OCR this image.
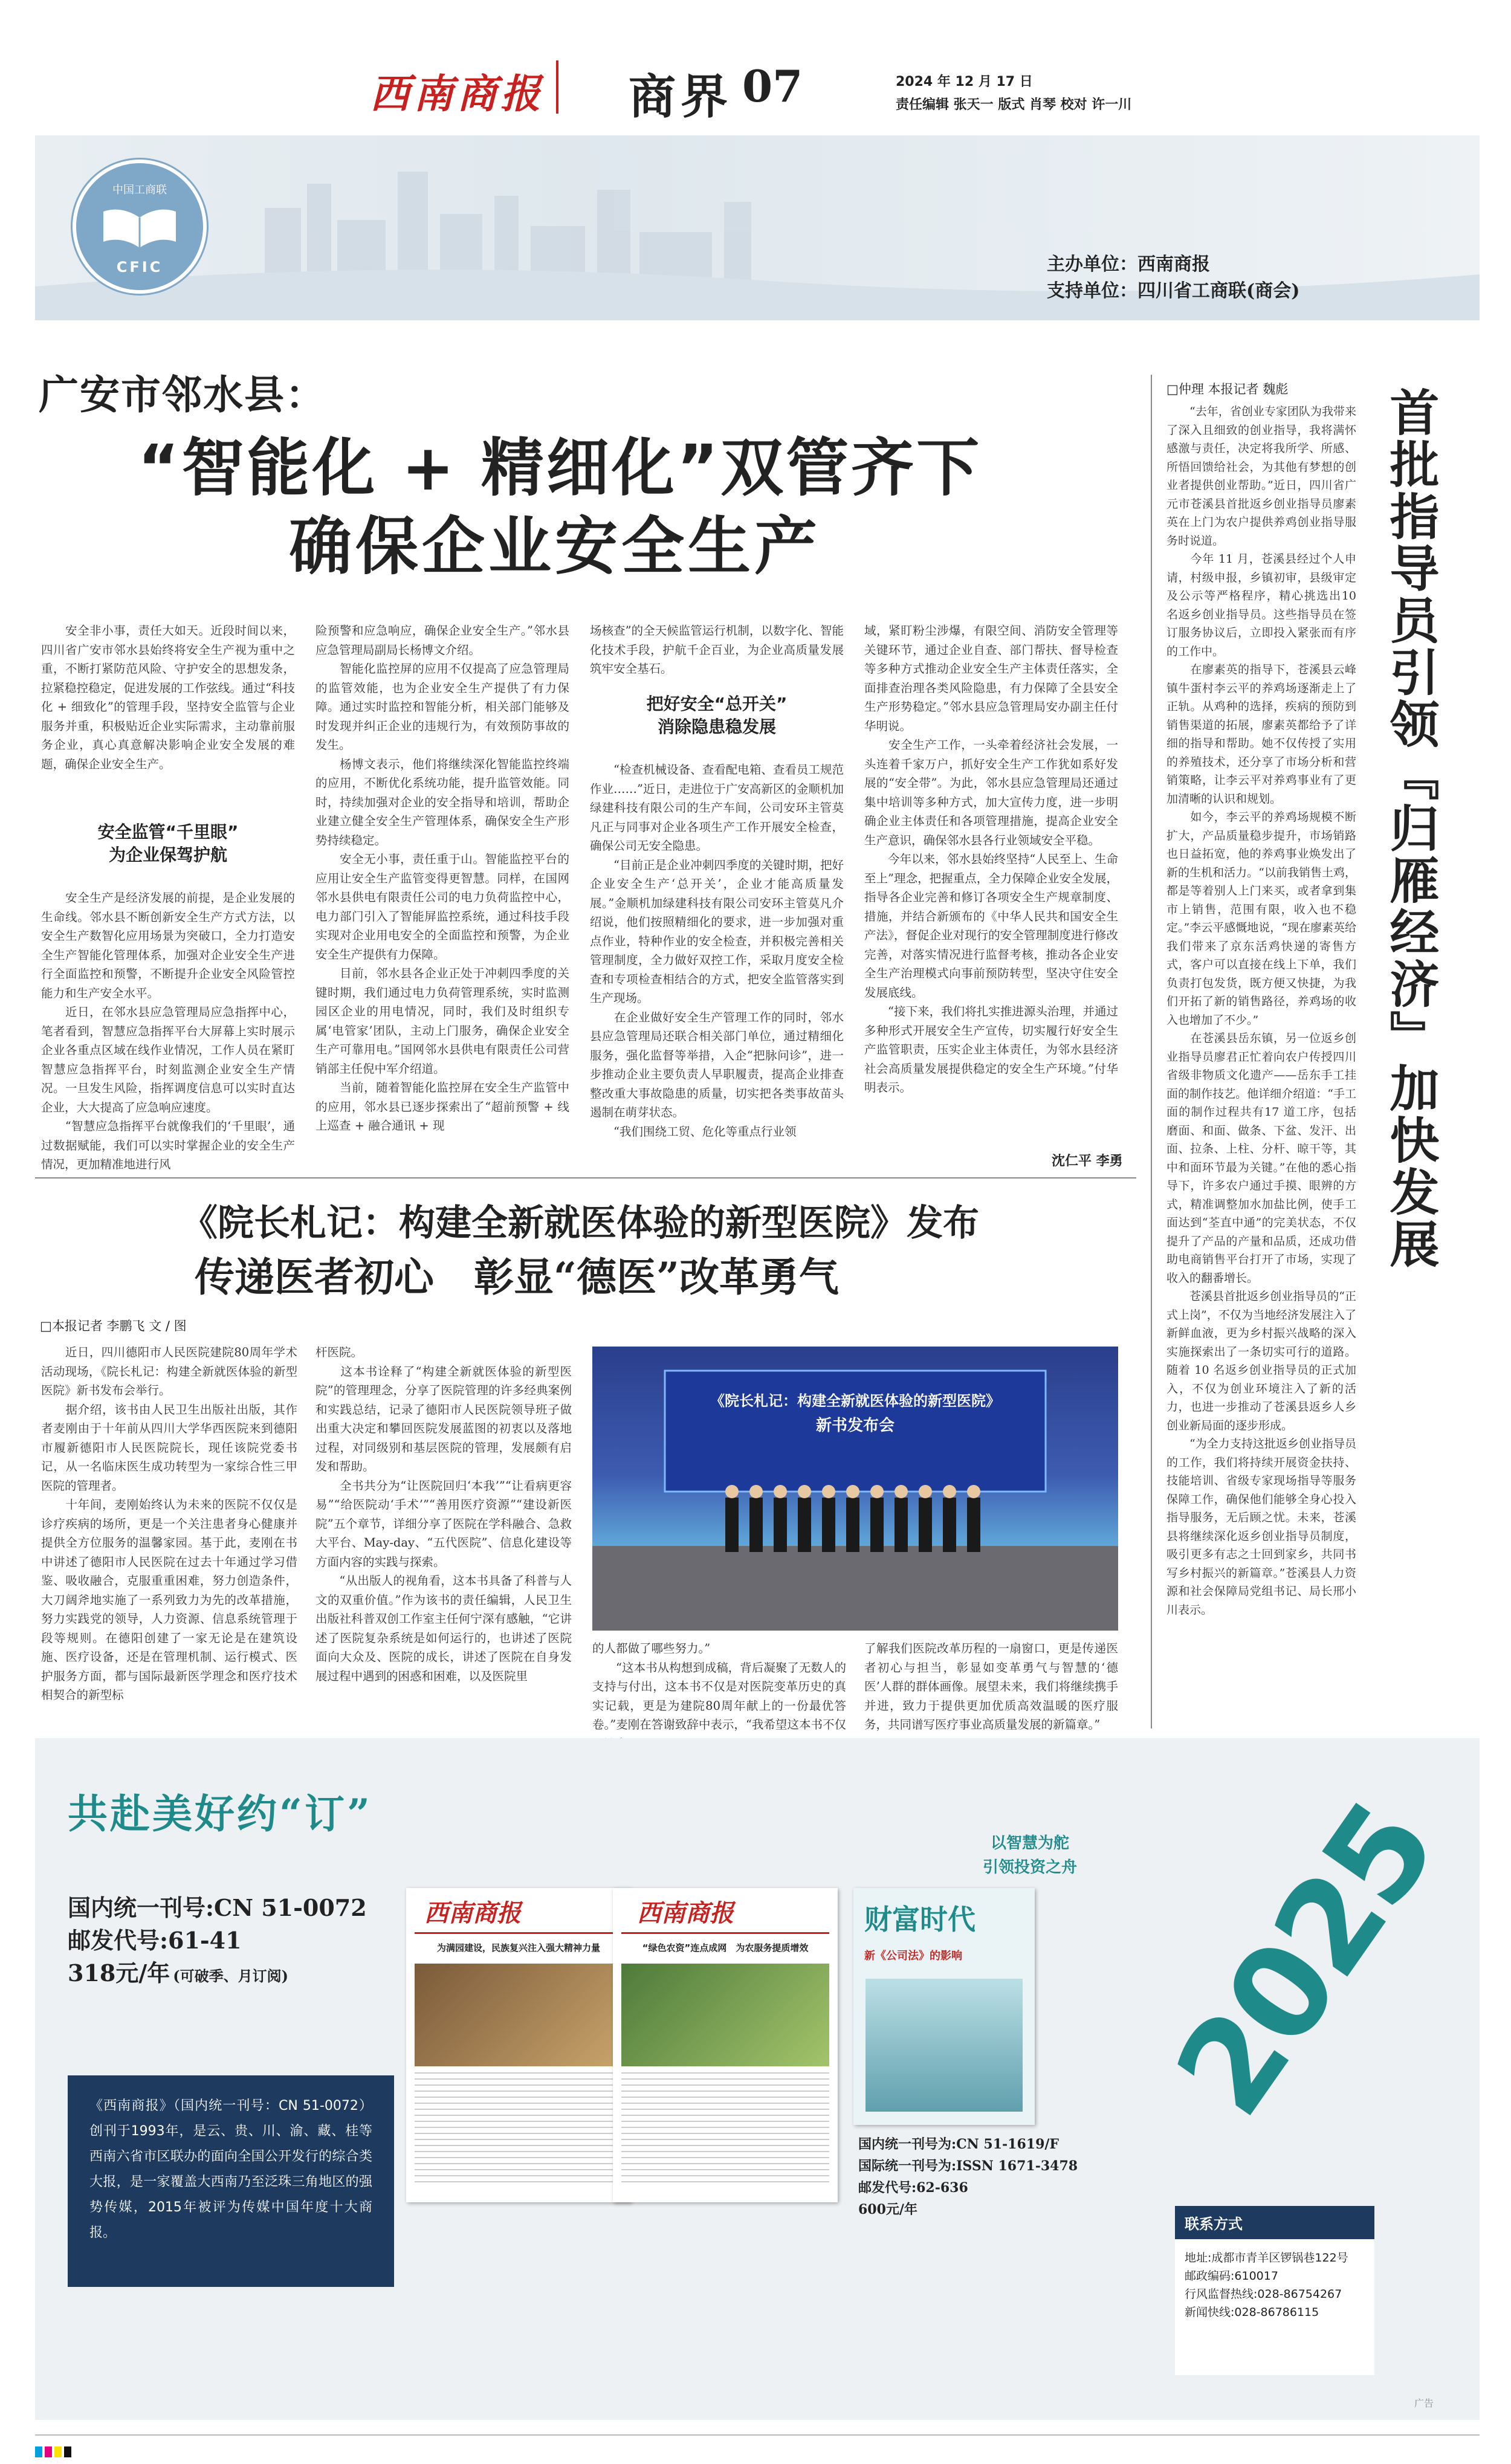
西南商报 商界 07	2024 年 12 月 17 日
责任编辑 张天一 版式 肖琴 校对 许一川
中国工商联
CFIC	主办单位：西南商报
支持单位：四川省工商联(商会)
广安市邻水县：
“智能化 + 精细化”双管齐下
确保企业安全生产
　　安全非小事，责任大如天。近段时间以来，四川省广安市邻水县始终将安全生产视为重中之重，不断打紧防范风险、守护安全的思想发条，拉紧稳控稳定，促进发展的工作弦线。通过“科技化 + 细致化”的管理手段，坚持安全监管与企业服务并重，积极贴近企业实际需求，主动靠前服务企业，真心真意解决影响企业安全发展的难题，确保企业安全生产。
安全监管“千里眼”
为企业保驾护航
　　安全生产是经济发展的前提，是企业发展的生命线。邻水县不断创新安全生产方式方法，以安全生产数智化应用场景为突破口，全力打造安全生产智能化管理体系，加强对企业安全生产进行全面监控和预警，不断提升企业安全风险管控能力和生产安全水平。
　　近日，在邻水县应急管理局应急指挥中心，笔者看到，智慧应急指挥平台大屏幕上实时展示企业各重点区域在线作业情况，工作人员在紧盯智慧应急指挥平台，时刻监测企业安全生产情况。一旦发生风险，指挥调度信息可以实时直达企业，大大提高了应急响应速度。
　　“智慧应急指挥平台就像我们的‘千里眼’，通过数据赋能，我们可以实时掌握企业的安全生产情况，更加精准地进行风
险预警和应急响应，确保企业安全生产。”邻水县应急管理局副局长杨博文介绍。
　　智能化监控屏的应用不仅提高了应急管理局的监管效能，也为企业安全生产提供了有力保障。通过实时监控和智能分析，相关部门能够及时发现并纠正企业的违规行为，有效预防事故的发生。
　　杨博文表示，他们将继续深化智能监控终端的应用，不断优化系统功能，提升监管效能。同时，持续加强对企业的安全指导和培训，帮助企业建立健全安全生产管理体系，确保安全生产形势持续稳定。
　　安全无小事，责任重于山。智能监控平台的应用让安全生产监管变得更智慧。同样，在国网邻水县供电有限责任公司的电力负荷监控中心，电力部门引入了智能屏监控系统，通过科技手段实现对企业用电安全的全面监控和预警，为企业安全生产提供有力保障。
　　目前，邻水县各企业正处于冲刺四季度的关键时期，我们通过电力负荷管理系统，实时监测园区企业的用电情况，同时，我们及时组织专属‘电管家’团队，主动上门服务，确保企业安全生产可靠用电。”国网邻水县供电有限责任公司营销部主任倪中军介绍道。
　　当前，随着智能化监控屏在安全生产监管中的应用，邻水县已逐步探索出了“超前预警 + 线上巡查 + 融合通讯 + 现
场核查”的全天候监管运行机制，以数字化、智能化技术手段，护航千企百业，为企业高质量发展筑牢安全基石。
把好安全“总开关”
消除隐患稳发展
　　“检查机械设备、查看配电箱、查看员工规范作业……”近日，走进位于广安高新区的金顺机加绿建科技有限公司的生产车间，公司安环主管莫凡正与同事对企业各项生产工作开展安全检查，确保公司无安全隐患。
　　“目前正是企业冲刺四季度的关键时期，把好企业安全生产‘总开关’，企业才能高质量发展。”金顺机加绿建科技有限公司安环主管莫凡介绍说，他们按照精细化的要求，进一步加强对重点作业，特种作业的安全检查，并积极完善相关管理制度，全力做好双控工作，采取月度安全检查和专项检查相结合的方式，把安全监管落实到生产现场。
　　在企业做好安全生产管理工作的同时，邻水县应急管理局还联合相关部门单位，通过精细化服务，强化监督等举措，入企“把脉问诊”，进一步推动企业主要负责人早职履责，提高企业排查整改重大事故隐患的质量，切实把各类事故苗头遏制在萌芽状态。
　　“我们围绕工贸、危化等重点行业领
域，紧盯粉尘涉爆，有限空间、消防安全管理等关键环节，通过企业自查、部门帮扶、督导检查等多种方式推动企业安全生产主体责任落实，全面排查治理各类风险隐患，有力保障了全县安全生产形势稳定。”邻水县应急管理局安办副主任付华明说。
　　安全生产工作，一头牵着经济社会发展，一头连着千家万户，抓好安全生产工作犹如系好发展的“安全带”。为此，邻水县应急管理局还通过集中培训等多种方式，加大宣传力度，进一步明确企业主体责任和各项管理措施，提高企业安全生产意识，确保邻水县各行业领域安全平稳。
　　今年以来，邻水县始终坚持“人民至上、生命至上”理念，把握重点，全力保障企业安全发展，指导各企业完善和修订各项安全生产规章制度、措施，并结合新颁布的《中华人民共和国安全生产法》，督促企业对现行的安全管理制度进行修改完善，对落实情况进行监督考核，推动各企业安全生产治理模式向事前预防转型，坚决守住安全发展底线。
　　“接下来，我们将扎实推进源头治理，并通过多种形式开展安全生产宣传，切实履行好安全生产监管职责，压实企业主体责任，为邻水县经济社会高质量发展提供稳定的安全生产环境。”付华明表示。
沈仁平 李勇
《院长札记：构建全新就医体验的新型医院》发布
传递医者初心　彰显“德医”改革勇气
□本报记者 李鹏飞 文 / 图
　　近日，四川德阳市人民医院建院80周年学术活动现场，《院长札记：构建全新就医体验的新型医院》新书发布会举行。
　　据介绍，该书由人民卫生出版社出版，其作者麦刚由于十年前从四川大学华西医院来到德阳市履新德阳市人民医院院长，现任该院党委书记，从一名临床医生成功转型为一家综合性三甲医院的管理者。
　　十年间，麦刚始终认为未来的医院不仅仅是诊疗疾病的场所，更是一个关注患者身心健康并提供全方位服务的温馨家园。基于此，麦刚在书中讲述了德阳市人民医院在过去十年通过学习借鉴、吸收融合，克服重重困难，努力创造条件，大刀阔斧地实施了一系列致力为先的改革措施，努力实践党的领导，人力资源、信息系统管理于段等规则。在德阳创建了一家无论是在建筑设施、医疗设备，还是在管理机制、运行模式、医护服务方面，都与国际最新医学理念和医疗技术相契合的新型标
杆医院。
　　这本书诠释了“构建全新就医体验的新型医院”的管理理念，分享了医院管理的许多经典案例和实践总结，记录了德阳市人民医院领导班子做出重大决定和攀回医院发展蓝图的初衷以及落地过程，对同级别和基层医院的管理，发展颇有启发和帮助。
　　全书共分为“让医院回归‘本我’”“让看病更容易”“给医院动‘手术’”“善用医疗资源”“建设新医院”五个章节，详细分享了医院在学科融合、急救大平台、May-day、“五代医院”、信息化建设等方面内容的实践与探索。
　　“从出版人的视角看，这本书具备了科普与人文的双重价值。”作为该书的责任编辑，人民卫生出版社科普双创工作室主任何宁深有感触，“它讲述了医院复杂系统是如何运行的，也讲述了医院面向大众及、医院的成长，讲述了医院在自身发展过程中遇到的困惑和困难，以及医院里
《院长札记：构建全新就医体验的新型医院》
新书发布会
的人都做了哪些努力。”
　　“这本书从构想到成稿，背后凝聚了无数人的支持与付出，这本书不仅是对医院变革历史的真实记载，更是为建院80周年献上的一份最优答卷。”麦刚在答谢致辞中表示，“我希望这本书不仅
了解我们医院改革历程的一扇窗口，更是传递医者初心与担当，彰显如变革勇气与智慧的‘德医’人群的群体画像。展望未来，我们将继续携手并进，致力于提供更加优质高效温暖的医疗服务，共同谱写医疗事业高质量发展的新篇章。”
□仲理 本报记者 魏彪
　　“去年，省创业专家团队为我带来了深入且细致的创业指导，我将满怀感激与责任，决定将我所学、所感、所悟回馈给社会，为其他有梦想的创业者提供创业帮助。”近日，四川省广元市苍溪县首批返乡创业指导员廖素英在上门为农户提供养鸡创业指导服务时说道。
　　今年 11 月，苍溪县经过个人申请，村级申报，乡镇初审，县级审定及公示等严格程序，精心挑选出10 名返乡创业指导员。这些指导员在签订服务协议后，立即投入紧张而有序的工作中。
　　在廖素英的指导下，苍溪县云峰镇牛蛋村李云平的养鸡场逐渐走上了正轨。从鸡种的选择，疾病的预防到销售渠道的拓展，廖素英都给予了详细的指导和帮助。她不仅传授了实用的养殖技术，还分享了市场分析和营销策略，让李云平对养鸡事业有了更加清晰的认识和规划。
　　如今，李云平的养鸡场规模不断扩大，产品质量稳步提升，市场销路也日益拓宽，他的养鸡事业焕发出了新的生机和活力。“以前我销售土鸡，都是等着别人上门来买，或者拿到集市上销售，范围有限，收入也不稳定。”李云平感慨地说，“现在廖素英给我们带来了京东活鸡快递的寄售方式，客户可以直接在线上下单，我们负责打包发货，既方便又快捷，为我们开拓了新的销售路径，养鸡场的收入也增加了不少。”
　　在苍溪县岳东镇，另一位返乡创业指导员廖君正忙着向农户传授四川省级非物质文化遗产——岳东手工挂面的制作技艺。他详细介绍道：“手工面的制作过程共有17 道工序，包括磨面、和面、做条、下盆、发汗、出面、拉条、上柱、分杆、晾干等，其中和面环节最为关键。”在他的悉心指导下，许多农户通过手摸、眼辨的方式，精准调整加水加盐比例，使手工面达到“荃直中通”的完美状态，不仅提升了产品的产量和品质，还成功借助电商销售平台打开了市场，实现了收入的翻番增长。
　　苍溪县首批返乡创业指导员的“正式上岗”，不仅为当地经济发展注入了新鲜血液，更为乡村振兴战略的深入实施探索出了一条切实可行的道路。随着 10 名返乡创业指导员的正式加入，不仅为创业环境注入了新的活力，也进一步推动了苍溪县返乡人乡创业新局面的逐步形成。
　　“为全力支持这批返乡创业指导员的工作，我们将持续开展资金扶持、技能培训、省级专家现场指导等服务保障工作，确保他们能够全身心投入指导服务，无后顾之忧。未来，苍溪县将继续深化返乡创业指导员制度，吸引更多有志之士回到家乡，共同书写乡村振兴的新篇章。”苍溪县人力资源和社会保障局党组书记、局长邢小川表示。
首批指导员引领『归雁经济』加快发展
共赴美好约“订”
国内统一刊号:CN 51-0072
邮发代号:61-41
318元/年 (可破季、月订阅)
《西南商报》（国内统一刊号：CN 51-0072）创刊于1993年，是云、贵、川、渝、藏、桂等西南六省市区联办的面向全国公开发行的综合类大报，是一家覆盖大西南乃至泛珠三角地区的强势传媒，2015年被评为传媒中国年度十大商报。
西南商报
为满园建设，民族复兴注入强大精神力量
西南商报
“绿色农资”连点成网　为农服务提质增效
以智慧为舵
引领投资之舟
财富时代
新《公司法》的影响
国内统一刊号为:CN 51-1619/F
国际统一刊号为:ISSN 1671-3478
邮发代号:62-636
600元/年
2025
联系方式
地址:成都市青羊区锣锅巷122号
邮政编码:610017
行风监督热线:028-86754267
新闻快线:028-86786115
广告
